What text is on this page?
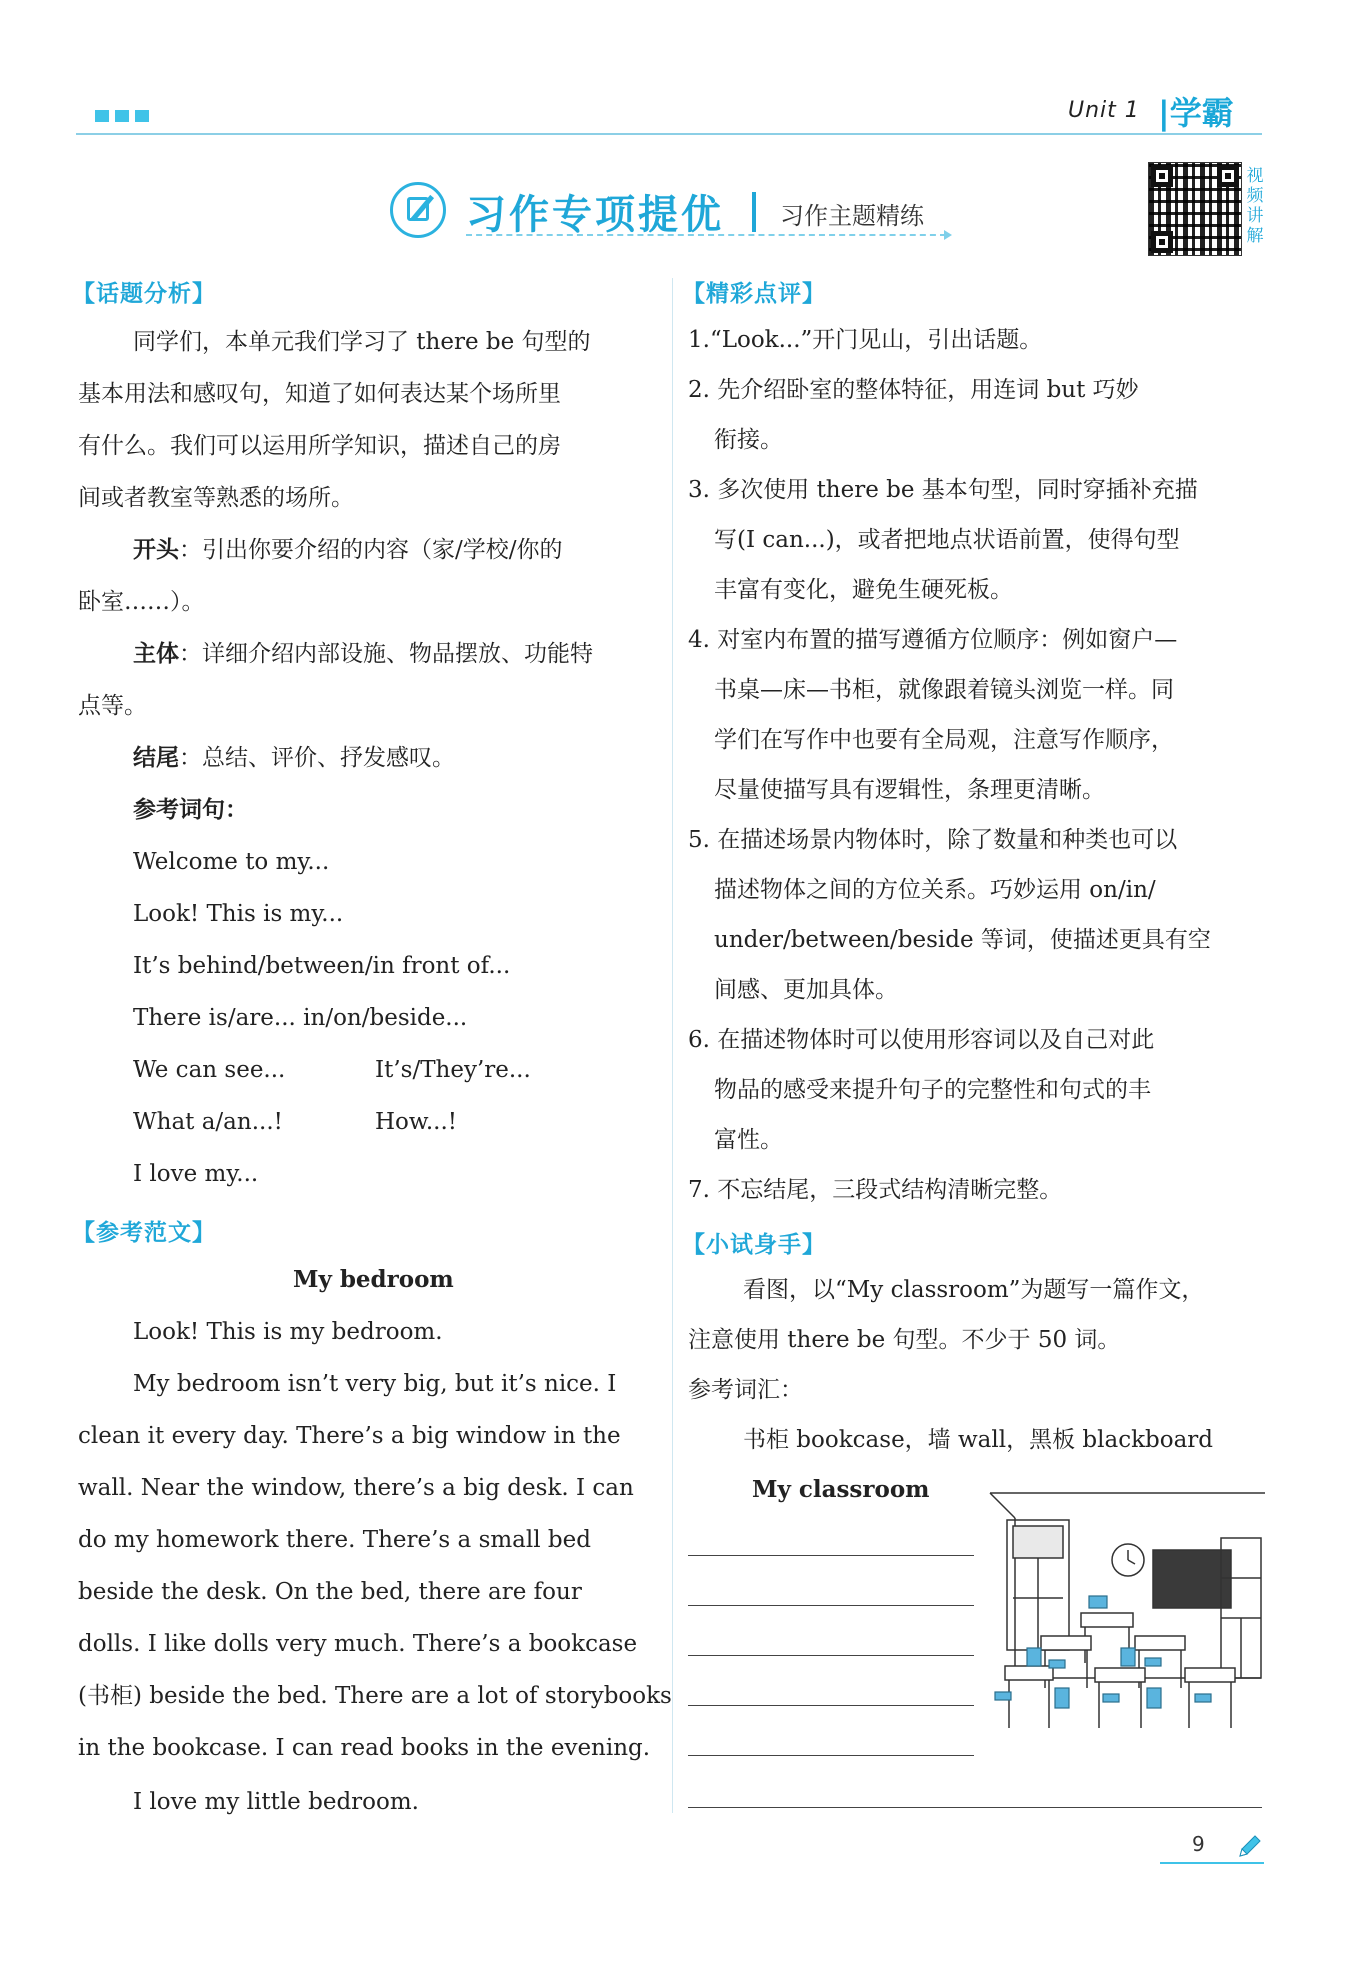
Unit 1 |学霸
习作专项提优 习作主题精练
视
频
讲
解
【话题分析】
同学们，本单元我们学习了 there be 句型的
基本用法和感叹句，知道了如何表达某个场所里
有什么。我们可以运用所学知识，描述自己的房
间或者教室等熟悉的场所。
开头：引出你要介绍的内容（家/学校/你的
卧室……）。
主体：详细介绍内部设施、物品摆放、功能特
点等。
结尾：总结、评价、抒发感叹。
参考词句：
Welcome to my...
Look! This is my...
It’s behind/between/in front of...
There is/are... in/on/beside...
We can see...	It’s/They’re...
What a/an...!	How...!
I love my...
【参考范文】
My bedroom
Look! This is my bedroom.
My bedroom isn’t very big, but it’s nice. I
clean it every day. There’s a big window in the
wall. Near the window, there’s a big desk. I can
do my homework there. There’s a small bed
beside the desk. On the bed, there are four
dolls. I like dolls very much. There’s a bookcase
(书柜) beside the bed. There are a lot of storybooks
in the bookcase. I can read books in the evening.
I love my little bedroom.
【精彩点评】
1.“Look...”开门见山，引出话题。
2. 先介绍卧室的整体特征，用连词 but 巧妙
衔接。
3. 多次使用 there be 基本句型，同时穿插补充描
写(I can...)，或者把地点状语前置，使得句型
丰富有变化，避免生硬死板。
4. 对室内布置的描写遵循方位顺序：例如窗户—
书桌—床—书柜，就像跟着镜头浏览一样。同
学们在写作中也要有全局观，注意写作顺序，
尽量使描写具有逻辑性，条理更清晰。
5. 在描述场景内物体时，除了数量和种类也可以
描述物体之间的方位关系。巧妙运用 on/in/
under/between/beside 等词，使描述更具有空
间感、更加具体。
6. 在描述物体时可以使用形容词以及自己对此
物品的感受来提升句子的完整性和句式的丰
富性。
7. 不忘结尾，三段式结构清晰完整。
【小试身手】
看图，以“My classroom”为题写一篇作文，
注意使用 there be 句型。不少于 50 词。
参考词汇：
书柜 bookcase，墙 wall，黑板 blackboard
My classroom
9
